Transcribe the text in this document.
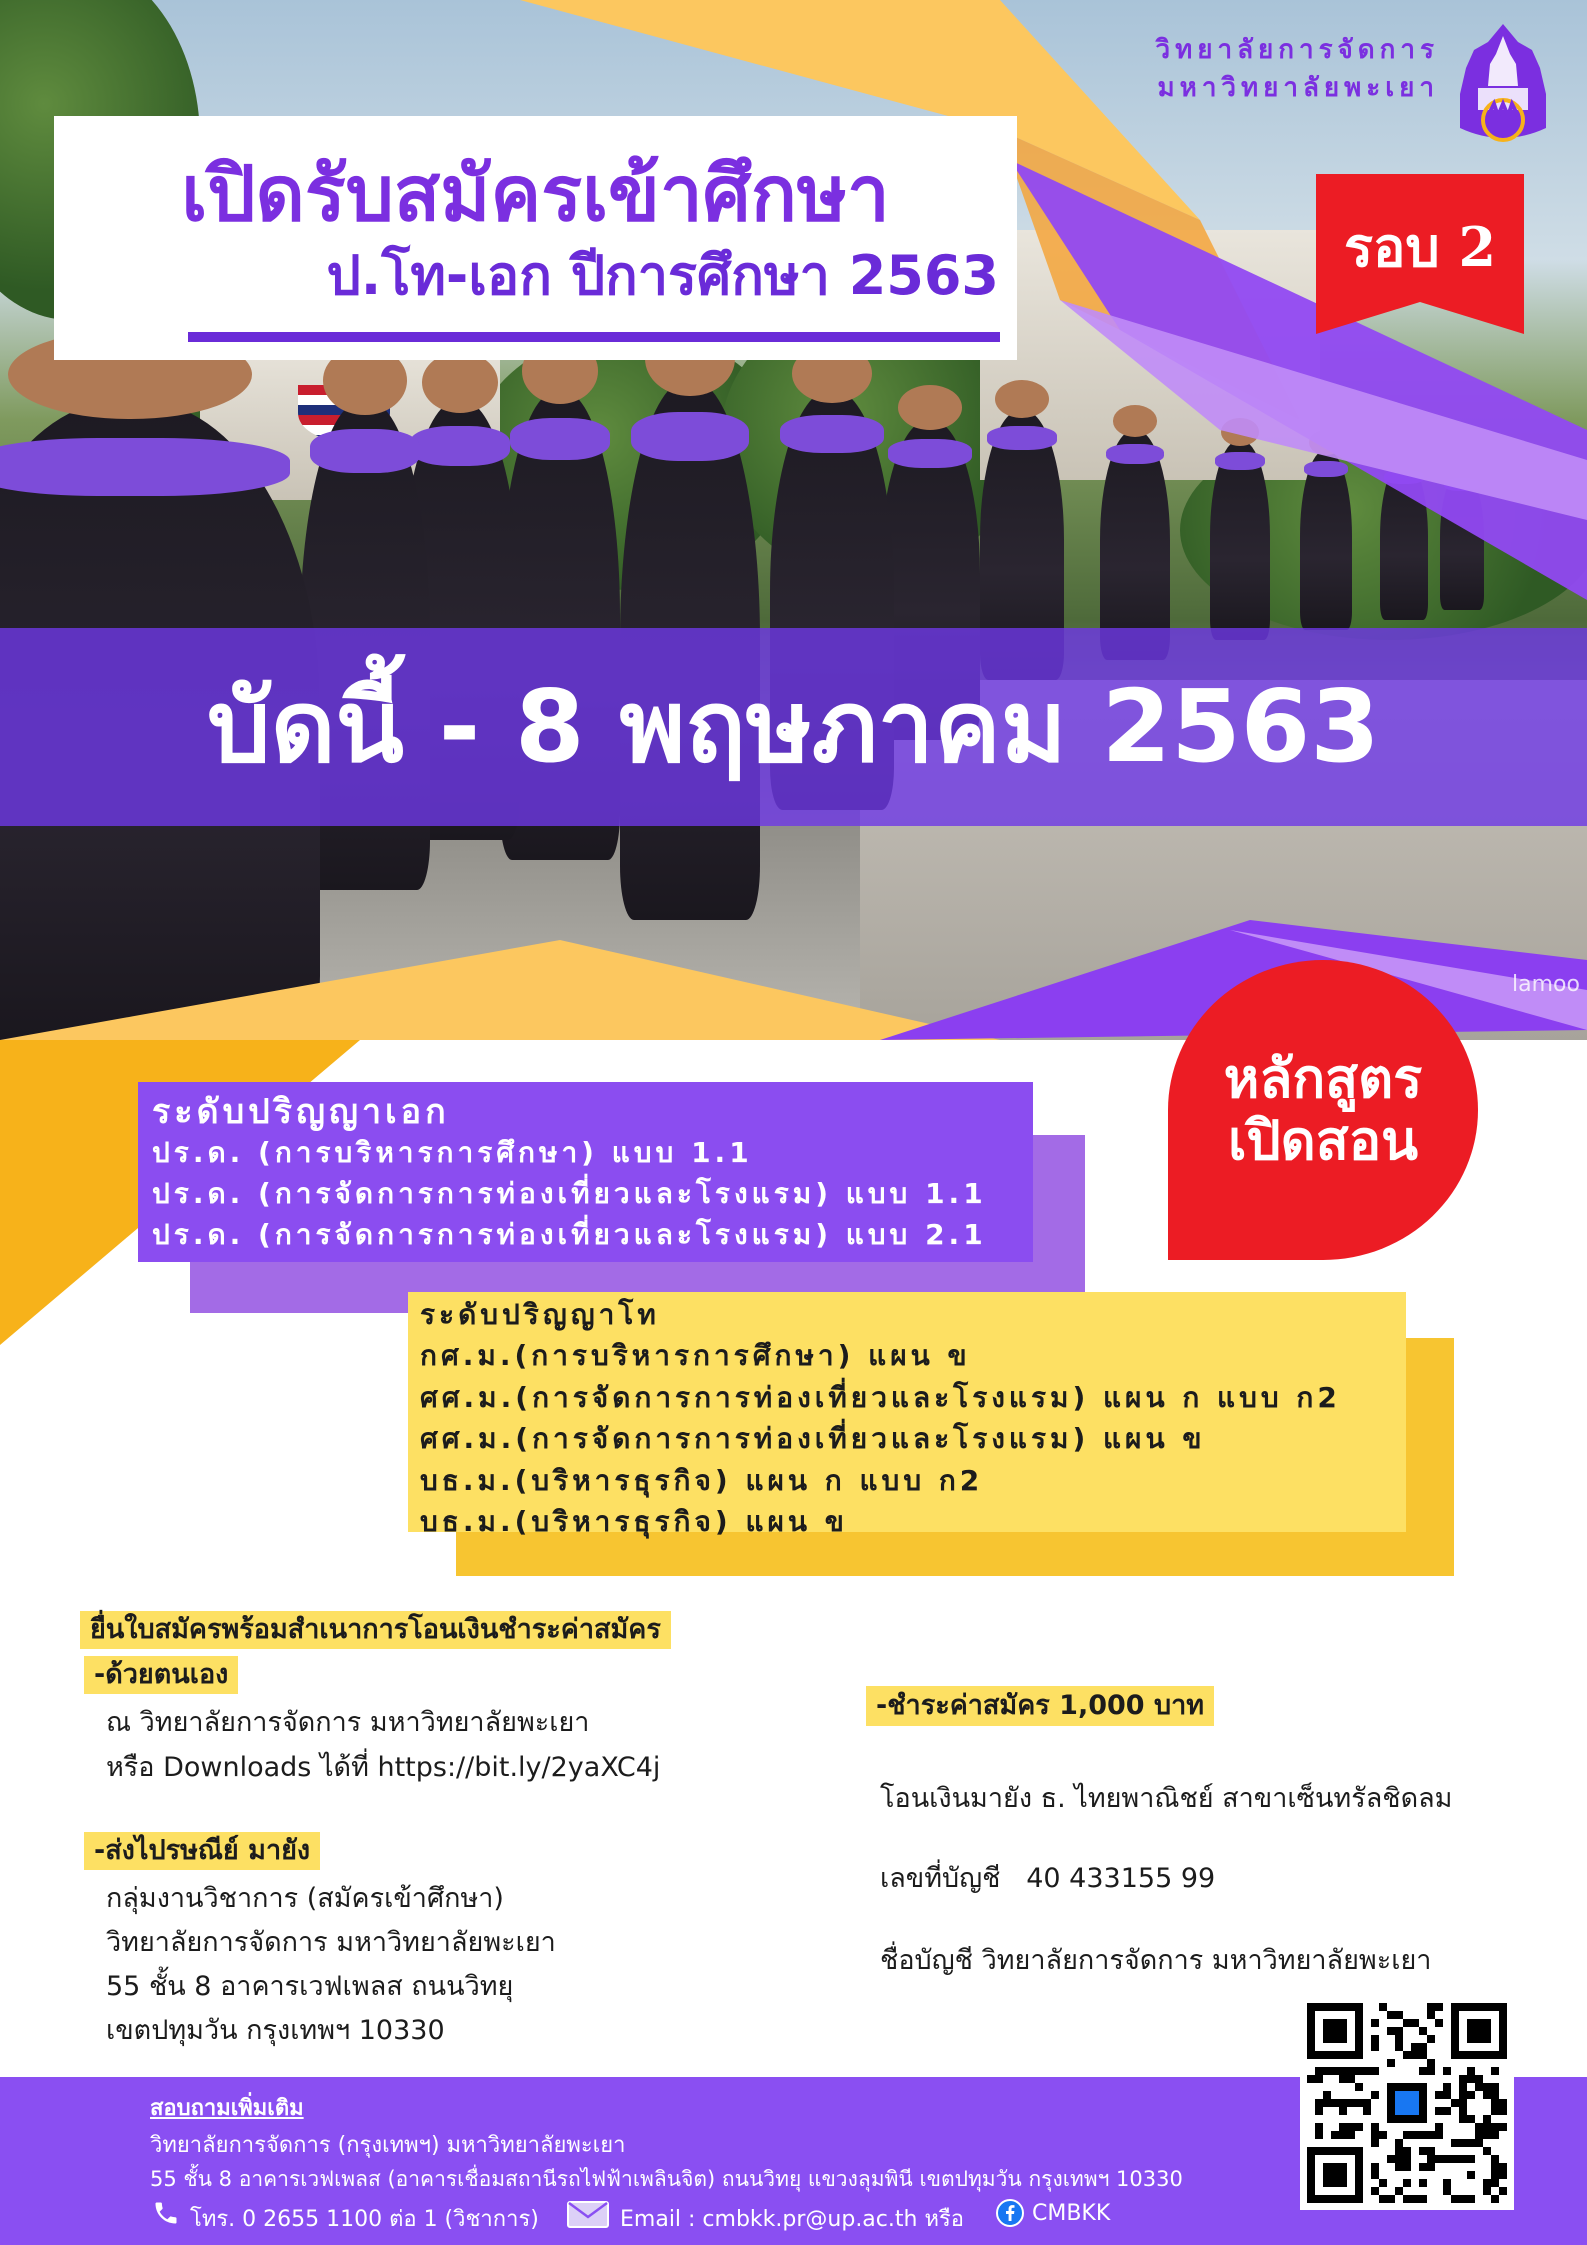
เปิดรับสมัครเข้าศึกษา
ป.โท-เอก ปีการศึกษา 2563
วิทยาลัยการจัดการ
มหาวิทยาลัยพะเยา
รอบ 2
บัดนี้ - 8 พฤษภาคม 2563
lamoo
หลักสูตร
เปิดสอน
ระดับปริญญาเอก
ปร.ด. (การบริหารการศึกษา) แบบ 1.1
ปร.ด. (การจัดการการท่องเที่ยวและโรงแรม) แบบ 1.1
ปร.ด. (การจัดการการท่องเที่ยวและโรงแรม) แบบ 2.1
ระดับปริญญาโท
กศ.ม.(การบริหารการศึกษา) แผน ข
ศศ.ม.(การจัดการการท่องเที่ยวและโรงแรม) แผน ก แบบ ก2
ศศ.ม.(การจัดการการท่องเที่ยวและโรงแรม) แผน ข
บธ.ม.(บริหารธุรกิจ) แผน ก แบบ ก2
บธ.ม.(บริหารธุรกิจ) แผน ข
ยื่นใบสมัครพร้อมสำเนาการโอนเงินชำระค่าสมัคร
-ด้วยตนเอง
ณ วิทยาลัยการจัดการ มหาวิทยาลัยพะเยา
หรือ Downloads ได้ที่ https://bit.ly/2yaXC4j
-ส่งไปรษณีย์ มายัง
กลุ่มงานวิชาการ (สมัครเข้าศึกษา)
วิทยาลัยการจัดการ มหาวิทยาลัยพะเยา
55 ชั้น 8 อาคารเวฟเพลส ถนนวิทยุ
เขตปทุมวัน กรุงเทพฯ 10330
-ชำระค่าสมัคร 1,000 บาท
โอนเงินมายัง ธ. ไทยพาณิชย์ สาขาเซ็นทรัลชิดลม
เลขที่บัญชี   40 433155 99
ชื่อบัญชี วิทยาลัยการจัดการ มหาวิทยาลัยพะเยา
สอบถามเพิ่มเติม
วิทยาลัยการจัดการ (กรุงเทพฯ) มหาวิทยาลัยพะเยา
55 ชั้น 8 อาคารเวฟเพลส (อาคารเชื่อมสถานีรถไฟฟ้าเพลินจิต) ถนนวิทยุ แขวงลุมพินี เขตปทุมวัน กรุงเทพฯ 10330
โทร. 0 2655 1100 ต่อ 1 (วิชาการ)	Email : cmbkk.pr@up.ac.th หรือ	CMBKK
